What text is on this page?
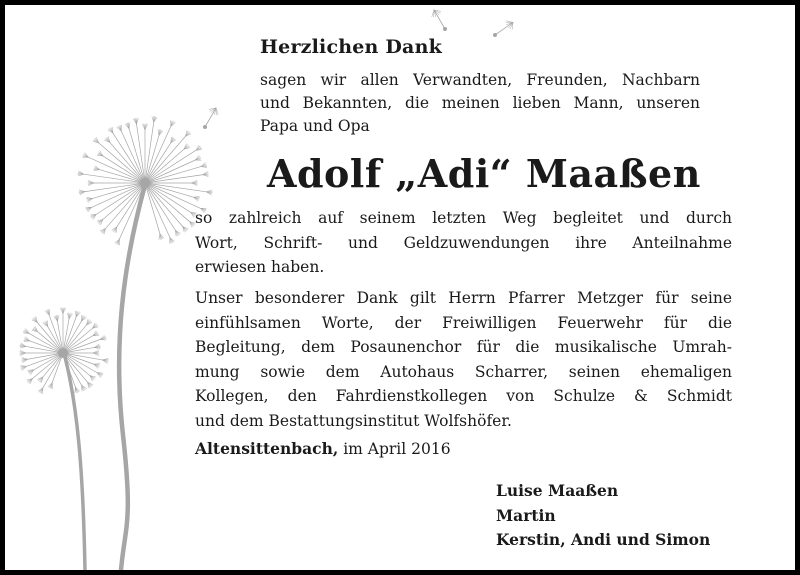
Herzlichen Dank
sagen wir allen Verwandten, Freunden, Nachbarn
und Bekannten, die meinen lieben Mann, unseren
Papa und Opa
Adolf „Adi“ Maaßen
so zahlreich auf seinem letzten Weg begleitet und durch
Wort, Schrift- und Geldzuwendungen ihre Anteilnahme
erwiesen haben.
Unser besonderer Dank gilt Herrn Pfarrer Metzger für seine
einfühlsamen Worte, der Freiwilligen Feuerwehr für die
Begleitung, dem Posaunenchor für die musikalische Umrah-
mung sowie dem Autohaus Scharrer, seinen ehemaligen
Kollegen, den Fahrdienstkollegen von Schulze & Schmidt
und dem Bestattungsinstitut Wolfshöfer.
Altensittenbach, im April 2016
Luise Maaßen
Martin
Kerstin, Andi und Simon
